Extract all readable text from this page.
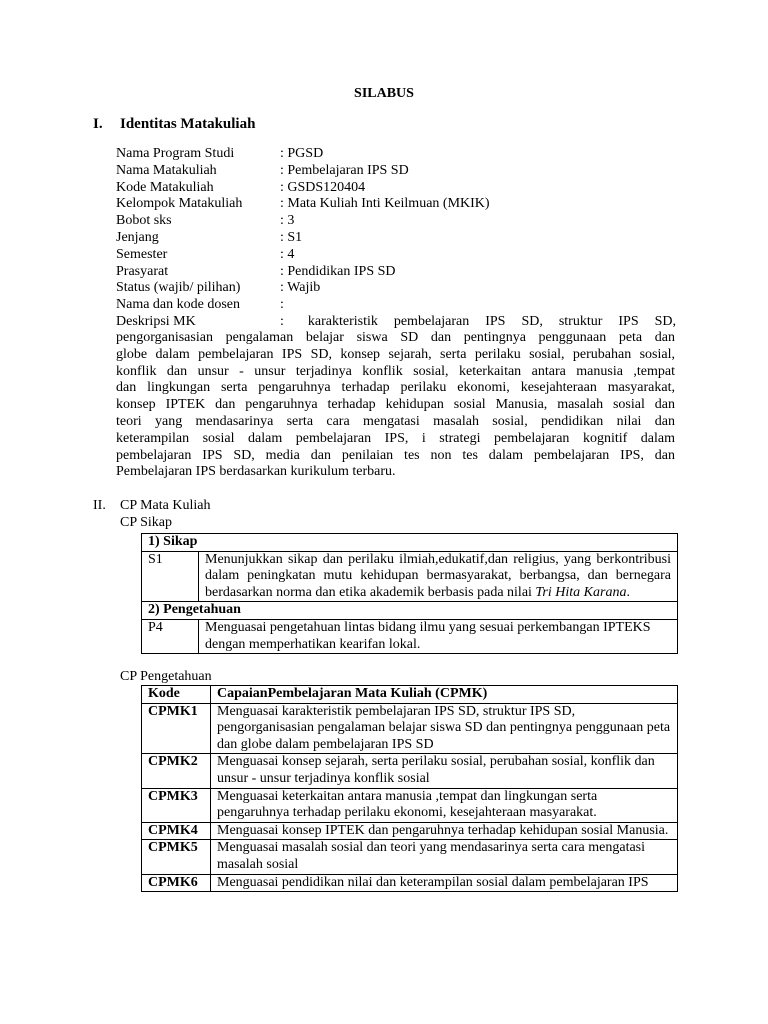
SILABUS
I. Identitas Matakuliah
Nama Program Studi	: PGSD
Nama Matakuliah	: Pembelajaran IPS SD
Kode Matakuliah	: GSDS120404
Kelompok Matakuliah	: Mata Kuliah Inti Keilmuan (MKIK)
Bobot sks	: 3
Jenjang	: S1
Semester	: 4
Prasyarat	: Pendidikan IPS SD
Status (wajib/ pilihan)	: Wajib
Nama dan kode dosen	:
Deskripsi MK	:   karakteristik  pembelajaran  IPS  SD,  struktur  IPS  SD,
pengorganisasian pengalaman belajar siswa SD dan pentingnya penggunaan peta dan
globe dalam pembelajaran IPS SD, konsep sejarah, serta perilaku sosial, perubahan sosial,
konflik dan unsur - unsur terjadinya konflik sosial, keterkaitan antara manusia ,tempat
dan lingkungan serta pengaruhnya terhadap perilaku ekonomi, kesejahteraan masyarakat,
konsep IPTEK dan pengaruhnya terhadap kehidupan sosial Manusia, masalah sosial dan
teori yang mendasarinya serta cara mengatasi masalah sosial, pendidikan nilai dan
keterampilan sosial dalam pembelajaran IPS, i strategi pembelajaran kognitif dalam
pembelajaran IPS SD, media dan penilaian tes non tes dalam pembelajaran IPS, dan
Pembelajaran IPS berdasarkan kurikulum terbaru.
II. CP Mata Kuliah
CP Sikap
1) Sikap	
S1	Menunjukkan sikap dan perilaku ilmiah,edukatif,dan religius, yang berkontribusi dalam peningkatan mutu kehidupan bermasyarakat, berbangsa, dan bernegara berdasarkan norma dan etika akademik berbasis pada nilai Tri Hita Karana.
2) Pengetahuan	
P4	Menguasai pengetahuan lintas bidang ilmu yang sesuai perkembangan IPTEKS dengan memperhatikan kearifan lokal.
CP Pengetahuan
Kode	CapaianPembelajaran Mata Kuliah (CPMK)
CPMK1	Menguasai karakteristik pembelajaran IPS SD, struktur IPS SD, pengorganisasian pengalaman belajar siswa SD dan pentingnya penggunaan peta dan globe dalam pembelajaran IPS SD
CPMK2	Menguasai konsep sejarah, serta perilaku sosial, perubahan sosial, konflik dan unsur - unsur terjadinya konflik sosial
CPMK3	Menguasai keterkaitan antara manusia ,tempat dan lingkungan serta pengaruhnya terhadap perilaku ekonomi, kesejahteraan masyarakat.
CPMK4	Menguasai konsep IPTEK dan pengaruhnya terhadap kehidupan sosial Manusia.
CPMK5	Menguasai masalah sosial dan teori yang mendasarinya serta cara mengatasi masalah sosial
CPMK6	Menguasai pendidikan nilai dan keterampilan sosial dalam pembelajaran IPS
